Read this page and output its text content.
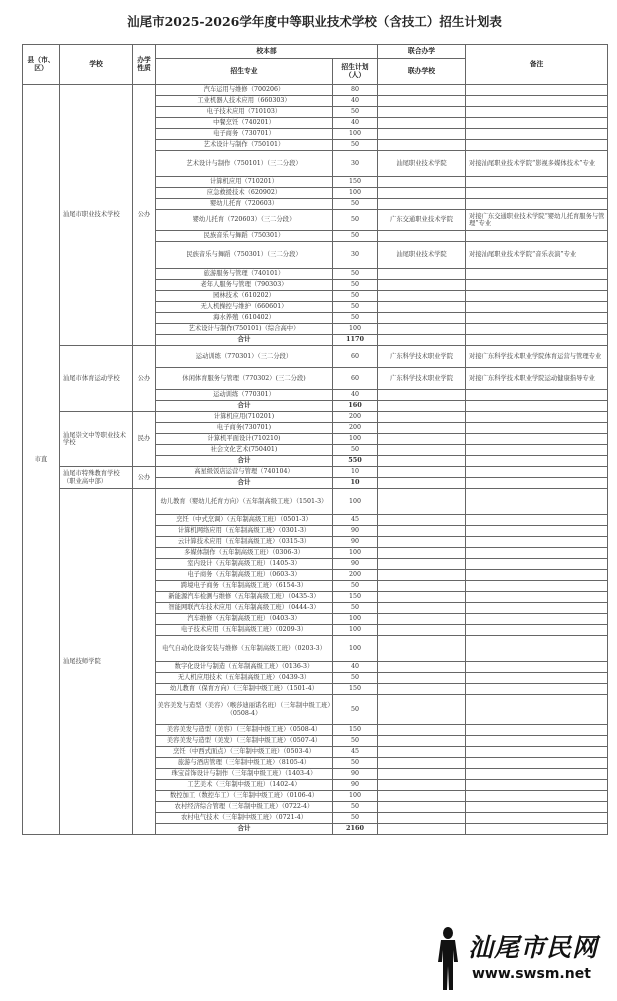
汕尾市2025-2026学年度中等职业技术学校（含技工）招生计划表
县（市、区）	学校	办学性质	校本部		联合办学	备注
			招生专业	招生计划（人）	联办学校	
市直	汕尾市职业技术学校	公办	汽车运用与维修（700206）	80		
			工业机器人技术应用（660303）	40		
			电子技术应用（710103）	50		
			中餐烹饪（740201）	40		
			电子商务（730701）	100		
			艺术设计与制作（750101）	50		
			艺术设计与制作（750101）（三二分段）	30	汕尾职业技术学院	对接汕尾职业技术学院“影视多媒体技术”专业
			计算机应用（710201）	150		
			应急救援技术（620902）	100		
			婴幼儿托育（720603）	50		
			婴幼儿托育（720603）（三二分段）	50	广东交通职业技术学院	对接广东交通职业技术学院“婴幼儿托育服务与管理”专业
			民族音乐与舞蹈（750301）	50		
			民族音乐与舞蹈（750301）（三二分段）	30	汕尾职业技术学院	对接汕尾职业技术学院“音乐表演”专业
			旅游服务与管理（740101）	50		
			老年人服务与管理（790303）	50		
			园林技术（610202）	50		
			无人机操控与维护（660601）	50		
			海水养殖（610402）	50		
			艺术设计与制作(750101)（综合高中）	100		
			合计	1170		
	汕尾市体育运动学校	公办	运动训练（770301）（三二分段）	60	广东科学技术职业学院	对接广东科学技术职业学院体育运营与管理专业
			休闲体育服务与管理（770302）(三二分段)	60	广东科学技术职业学院	对接广东科学技术职业学院运动健康指导专业
			运动训练（770301）	40		
			合计	160		
	汕尾崇文中等职业技术学校	民办	计算机应用(710201)	200		
			电子商务(730701)	200		
			计算机平面设计(710210)	100		
			社会文化艺术(750401)	50		
			合计	550		
	汕尾市特殊教育学校（职业高中部）	公办	高星级饭店运营与管理（740104）	10		
			合计	10		
	汕尾技师学院		幼儿教育（婴幼儿托育方向）（五年制高级工班）（1501-3）	100		
			烹饪（中式烹调）（五年制高级工班）（0501-3）	45		
			计算机网络应用（五年制高级工班）（0301-3）	90		
			云计算技术应用（五年制高级工班）（0315-3）	90		
			多媒体制作（五年制高级工班）（0306-3）	100		
			室内设计（五年制高级工班）（1405-3）	90		
			电子商务（五年制高级工班）（0603-3）	200		
			跨境电子商务（五年制高级工班）（6154-3）	50		
			新能源汽车检测与维修（五年制高级工班）（0435-3）	150		
			智能网联汽车技术应用（五年制高级工班）（0444-3）	50		
			汽车维修（五年制高级工班）（0403-3）	100		
			电子技术应用（五年制高级工班）（0209-3）	100		
			电气自动化设备安装与维修（五年制高级工班）（0203-3）	100		
			数字化设计与制造（五年制高级工班）（0136-3）	40		
			无人机应用技术（五年制高级工班）（0439-3）	50		
			幼儿教育（保育方向）（三年制中级工班）（1501-4）	150		
			美容美发与造型（美容）（喉莎迪丽诺名班）（三年制中级工班）（0508-4）	50		
			美容美发与造型（美容）（三年制中级工班）（0508-4）	150		
			美容美发与造型（美发）（三年制中级工班）（0507-4）	50		
			烹饪（中西式面点）（三年制中级工班）（0503-4）	45		
			旅游与酒店管理（三年制中级工班）（8105-4）	50		
			珠宝首饰设计与制作（三年制中级工班）（1403-4）	90		
			工艺美术（三年制中级工班）（1402-4）	90		
			数控加工（数控车工）（三年制中级工班）（0106-4）	100		
			农村经济综合管理（三年制中级工班）（0722-4）	50		
			农村电气技术（三年制中级工班）（0721-4）	50		
			合计	2160		
汕尾市民网
www.swsm.net
